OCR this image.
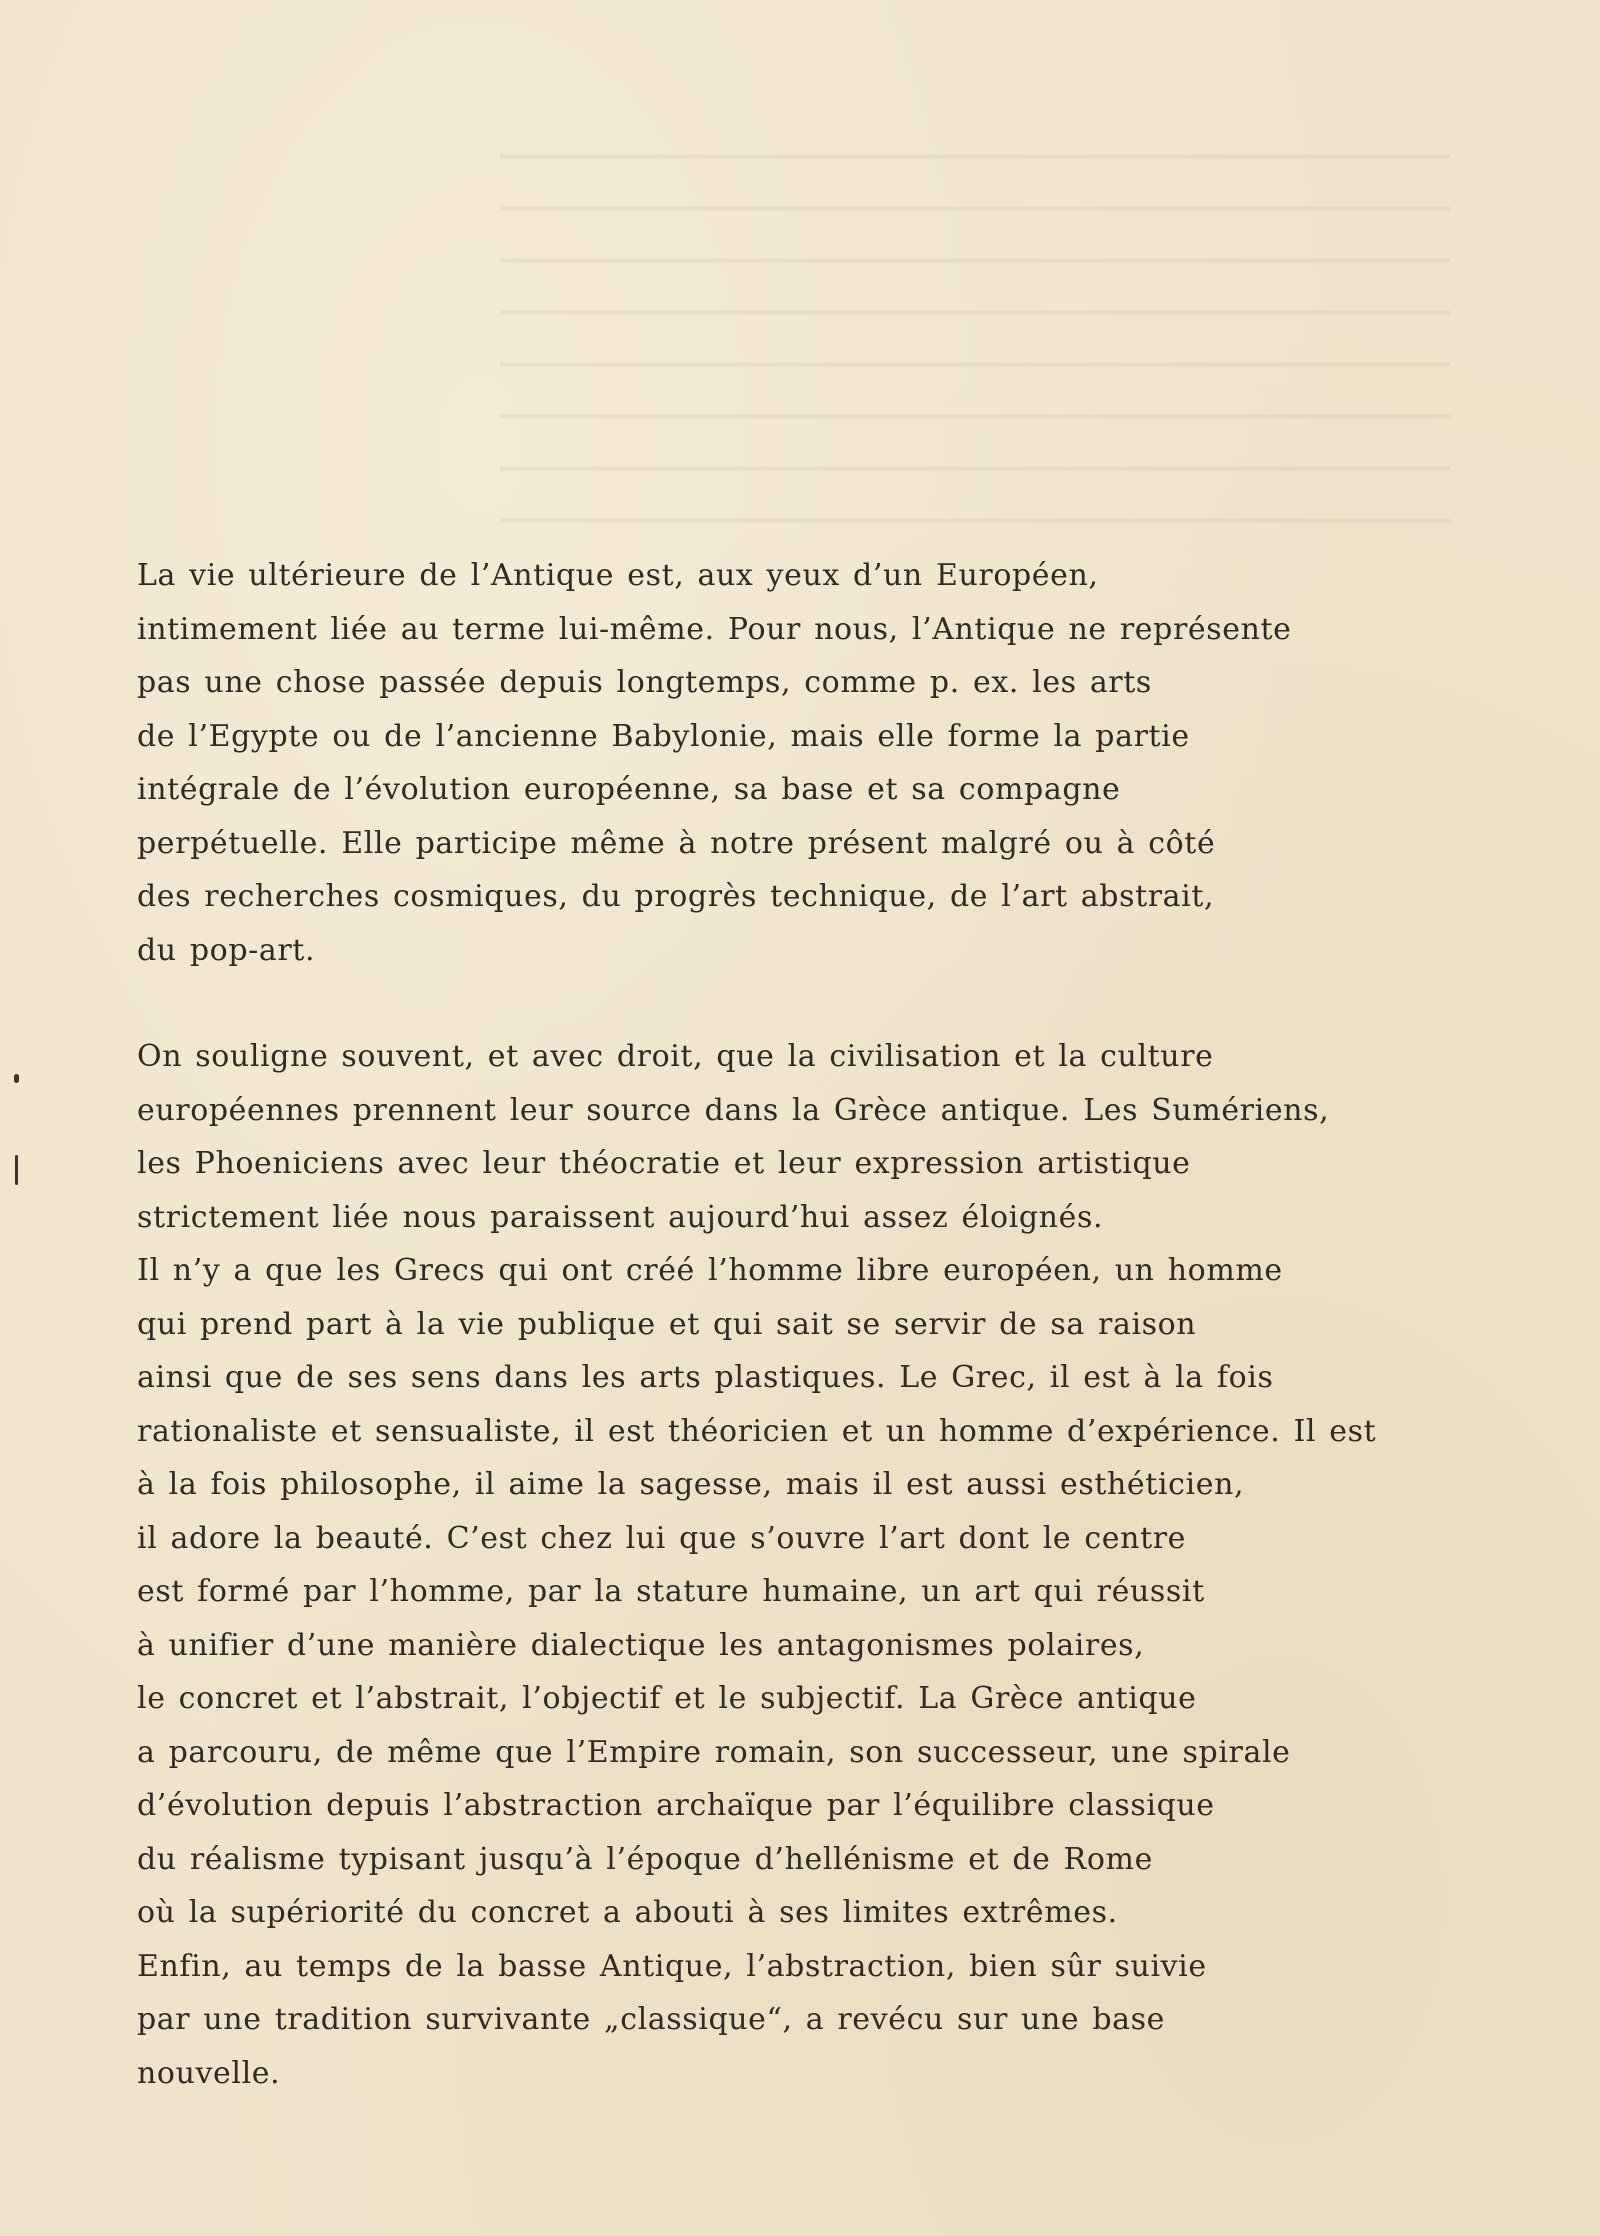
La vie ultérieure de l’Antique est, aux yeux d’un Européen,
intimement liée au terme lui-même. Pour nous, l’Antique ne représente
pas une chose passée depuis longtemps, comme p. ex. les arts
de l’Egypte ou de l’ancienne Babylonie, mais elle forme la partie
intégrale de l’évolution européenne, sa base et sa compagne
perpétuelle. Elle participe même à notre présent malgré ou à côté
des recherches cosmiques, du progrès technique, de l’art abstrait,
du pop-art.

On souligne souvent, et avec droit, que la civilisation et la culture
européennes prennent leur source dans la Grèce antique. Les Sumériens,
les Phoeniciens avec leur théocratie et leur expression artistique
strictement liée nous paraissent aujourd’hui assez éloignés.
Il n’y a que les Grecs qui ont créé l’homme libre européen, un homme
qui prend part à la vie publique et qui sait se servir de sa raison
ainsi que de ses sens dans les arts plastiques. Le Grec, il est à la fois
rationaliste et sensualiste, il est théoricien et un homme d’expérience. Il est
à la fois philosophe, il aime la sagesse, mais il est aussi esthéticien,
il adore la beauté. C’est chez lui que s’ouvre l’art dont le centre
est formé par l’homme, par la stature humaine, un art qui réussit
à unifier d’une manière dialectique les antagonismes polaires,
le concret et l’abstrait, l’objectif et le subjectif. La Grèce antique
a parcouru, de même que l’Empire romain, son successeur, une spirale
d’évolution depuis l’abstraction archaïque par l’équilibre classique
du réalisme typisant jusqu’à l’époque d’hellénisme et de Rome
où la supériorité du concret a abouti à ses limites extrêmes.
Enfin, au temps de la basse Antique, l’abstraction, bien sûr suivie
par une tradition survivante „classique“, a revécu sur une base
nouvelle.
